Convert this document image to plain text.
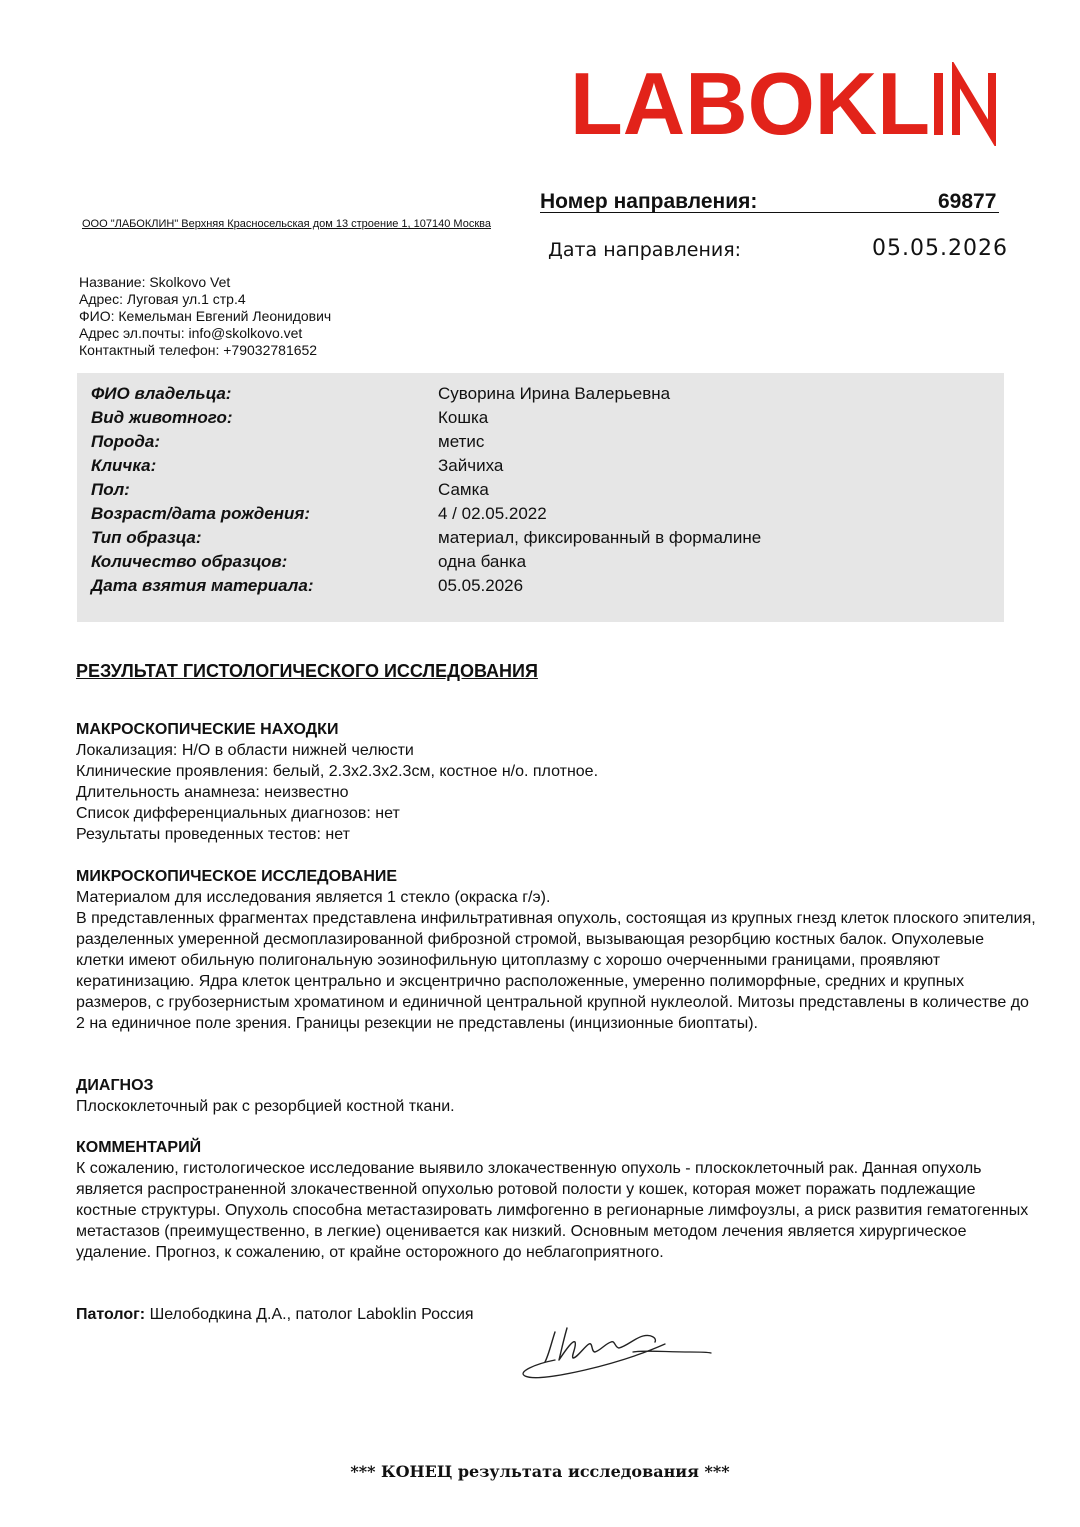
LABOKL
ООО "ЛАБОКЛИН" Верхняя Красносельская дом 13 строение 1, 107140 Москва
Номер направления:	69877
Дата направления:	05.05.2026
Название: Skolkovo Vet
Адрес: Луговая ул.1 стр.4
ФИО: Кемельман Евгений Леонидович
Адрес эл.почты: info@skolkovo.vet
Контактный телефон: +79032781652
ФИО владельца:	Суворина Ирина Валерьевна
Вид животного:	Кошка
Порода:	метис
Кличка:	Зайчиха
Пол:	Самка
Возраст/дата рождения:	4 / 02.05.2022
Тип образца:	материал, фиксированный в формалине
Количество образцов:	одна банка
Дата взятия материала:	05.05.2026
РЕЗУЛЬТАТ ГИСТОЛОГИЧЕСКОГО ИССЛЕДОВАНИЯ
МАКРОСКОПИЧЕСКИЕ НАХОДКИ

Локализация: Н/О в области нижней челюсти

Клинические проявления: белый, 2.3х2.3х2.3см, костное н/о. плотное.

Длительность анамнеза: неизвестно

Список дифференциальных диагнозов: нет

Результаты проведенных тестов: нет

МИКРОСКОПИЧЕСКОЕ ИССЛЕДОВАНИЕ

Материалом для исследования является 1 стекло (окраска г/э).

В представленных фрагментах представлена инфильтративная опухоль, состоящая из крупных гнезд клеток плоского эпителия, разделенных умеренной десмоплазированной фиброзной стромой, вызывающая резорбцию костных балок. Опухолевые клетки имеют обильную полигональную эозинофильную цитоплазму с хорошо очерченными границами, проявляют кератинизацию. Ядра клеток центрально и эксцентрично расположенные, умеренно полиморфные, средних и крупных размеров, с грубозернистым хроматином и единичной центральной крупной нуклеолой. Митозы представлены в количестве до 2 на единичное поле зрения. Границы резекции не представлены (инцизионные биоптаты).

ДИАГНОЗ

Плоскоклеточный рак с резорбцией костной ткани.

КОММЕНТАРИЙ

К сожалению, гистологическое исследование выявило злокачественную опухоль - плоскоклеточный рак. Данная опухоль является распространенной злокачественной опухолью ротовой полости у кошек, которая может поражать подлежащие костные структуры. Опухоль способна метастазировать лимфогенно в регионарные лимфоузлы, а риск развития гематогенных метастазов (преимущественно, в легкие) оценивается как низкий. Основным методом лечения является хирургическое удаление. Прогноз, к сожалению, от крайне осторожного до неблагоприятного.

Патолог: Шелободкина Д.А., патолог Laboklin Россия
*** КОНЕЦ результата исследования ***
